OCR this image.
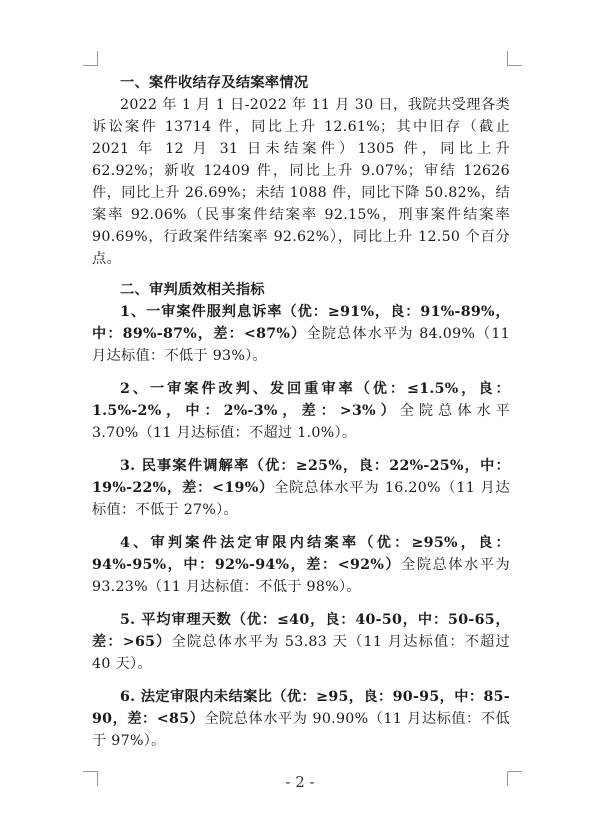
一、案件收结存及结案率情况

2022 年 1 月 1 日-2022 年 11 月 30 日，我院共受理各类诉讼案件 13714 件，同比上升 12.61%；其中旧存（截止 2021 年 12 月 31 日未结案件）1305 件，同比上升 62.92%；新收 12409 件，同比上升 9.07%；审结 12626 件，同比上升 26.69%；未结 1088 件，同比下降 50.82%，结案率 92.06%（民事案件结案率 92.15%，刑事案件结案率 90.69%，行政案件结案率 92.62%），同比上升 12.50 个百分点。

二、审判质效相关指标

1、一审案件服判息诉率（优：≥91%，良：91%-89%，中：89%-87%，差：<87%）全院总体水平为 84.09%（11 月达标值：不低于 93%）。

2、一审案件改判、发回重审率（优：≤1.5%，良：1.5%-2%，中：2%-3%，差：>3%）全院总体水平 3.70%（11 月达标值：不超过 1.0%）。

3. 民事案件调解率（优：≥25%，良：22%-25%，中：19%-22%，差：<19%）全院总体水平为 16.20%（11 月达标值：不低于 27%）。

4、审判案件法定审限内结案率（优：≥95%，良：94%-95%，中：92%-94%，差：<92%）全院总体水平为 93.23%（11 月达标值：不低于 98%）。

5. 平均审理天数（优：≤40，良：40-50，中：50-65，差：>65）全院总体水平为 53.83 天（11 月达标值：不超过 40 天）。

6. 法定审限内未结案比（优：≥95，良：90-95，中：85-90，差：<85）全院总体水平为 90.90%（11 月达标值：不低于 97%）。

- 2 -
